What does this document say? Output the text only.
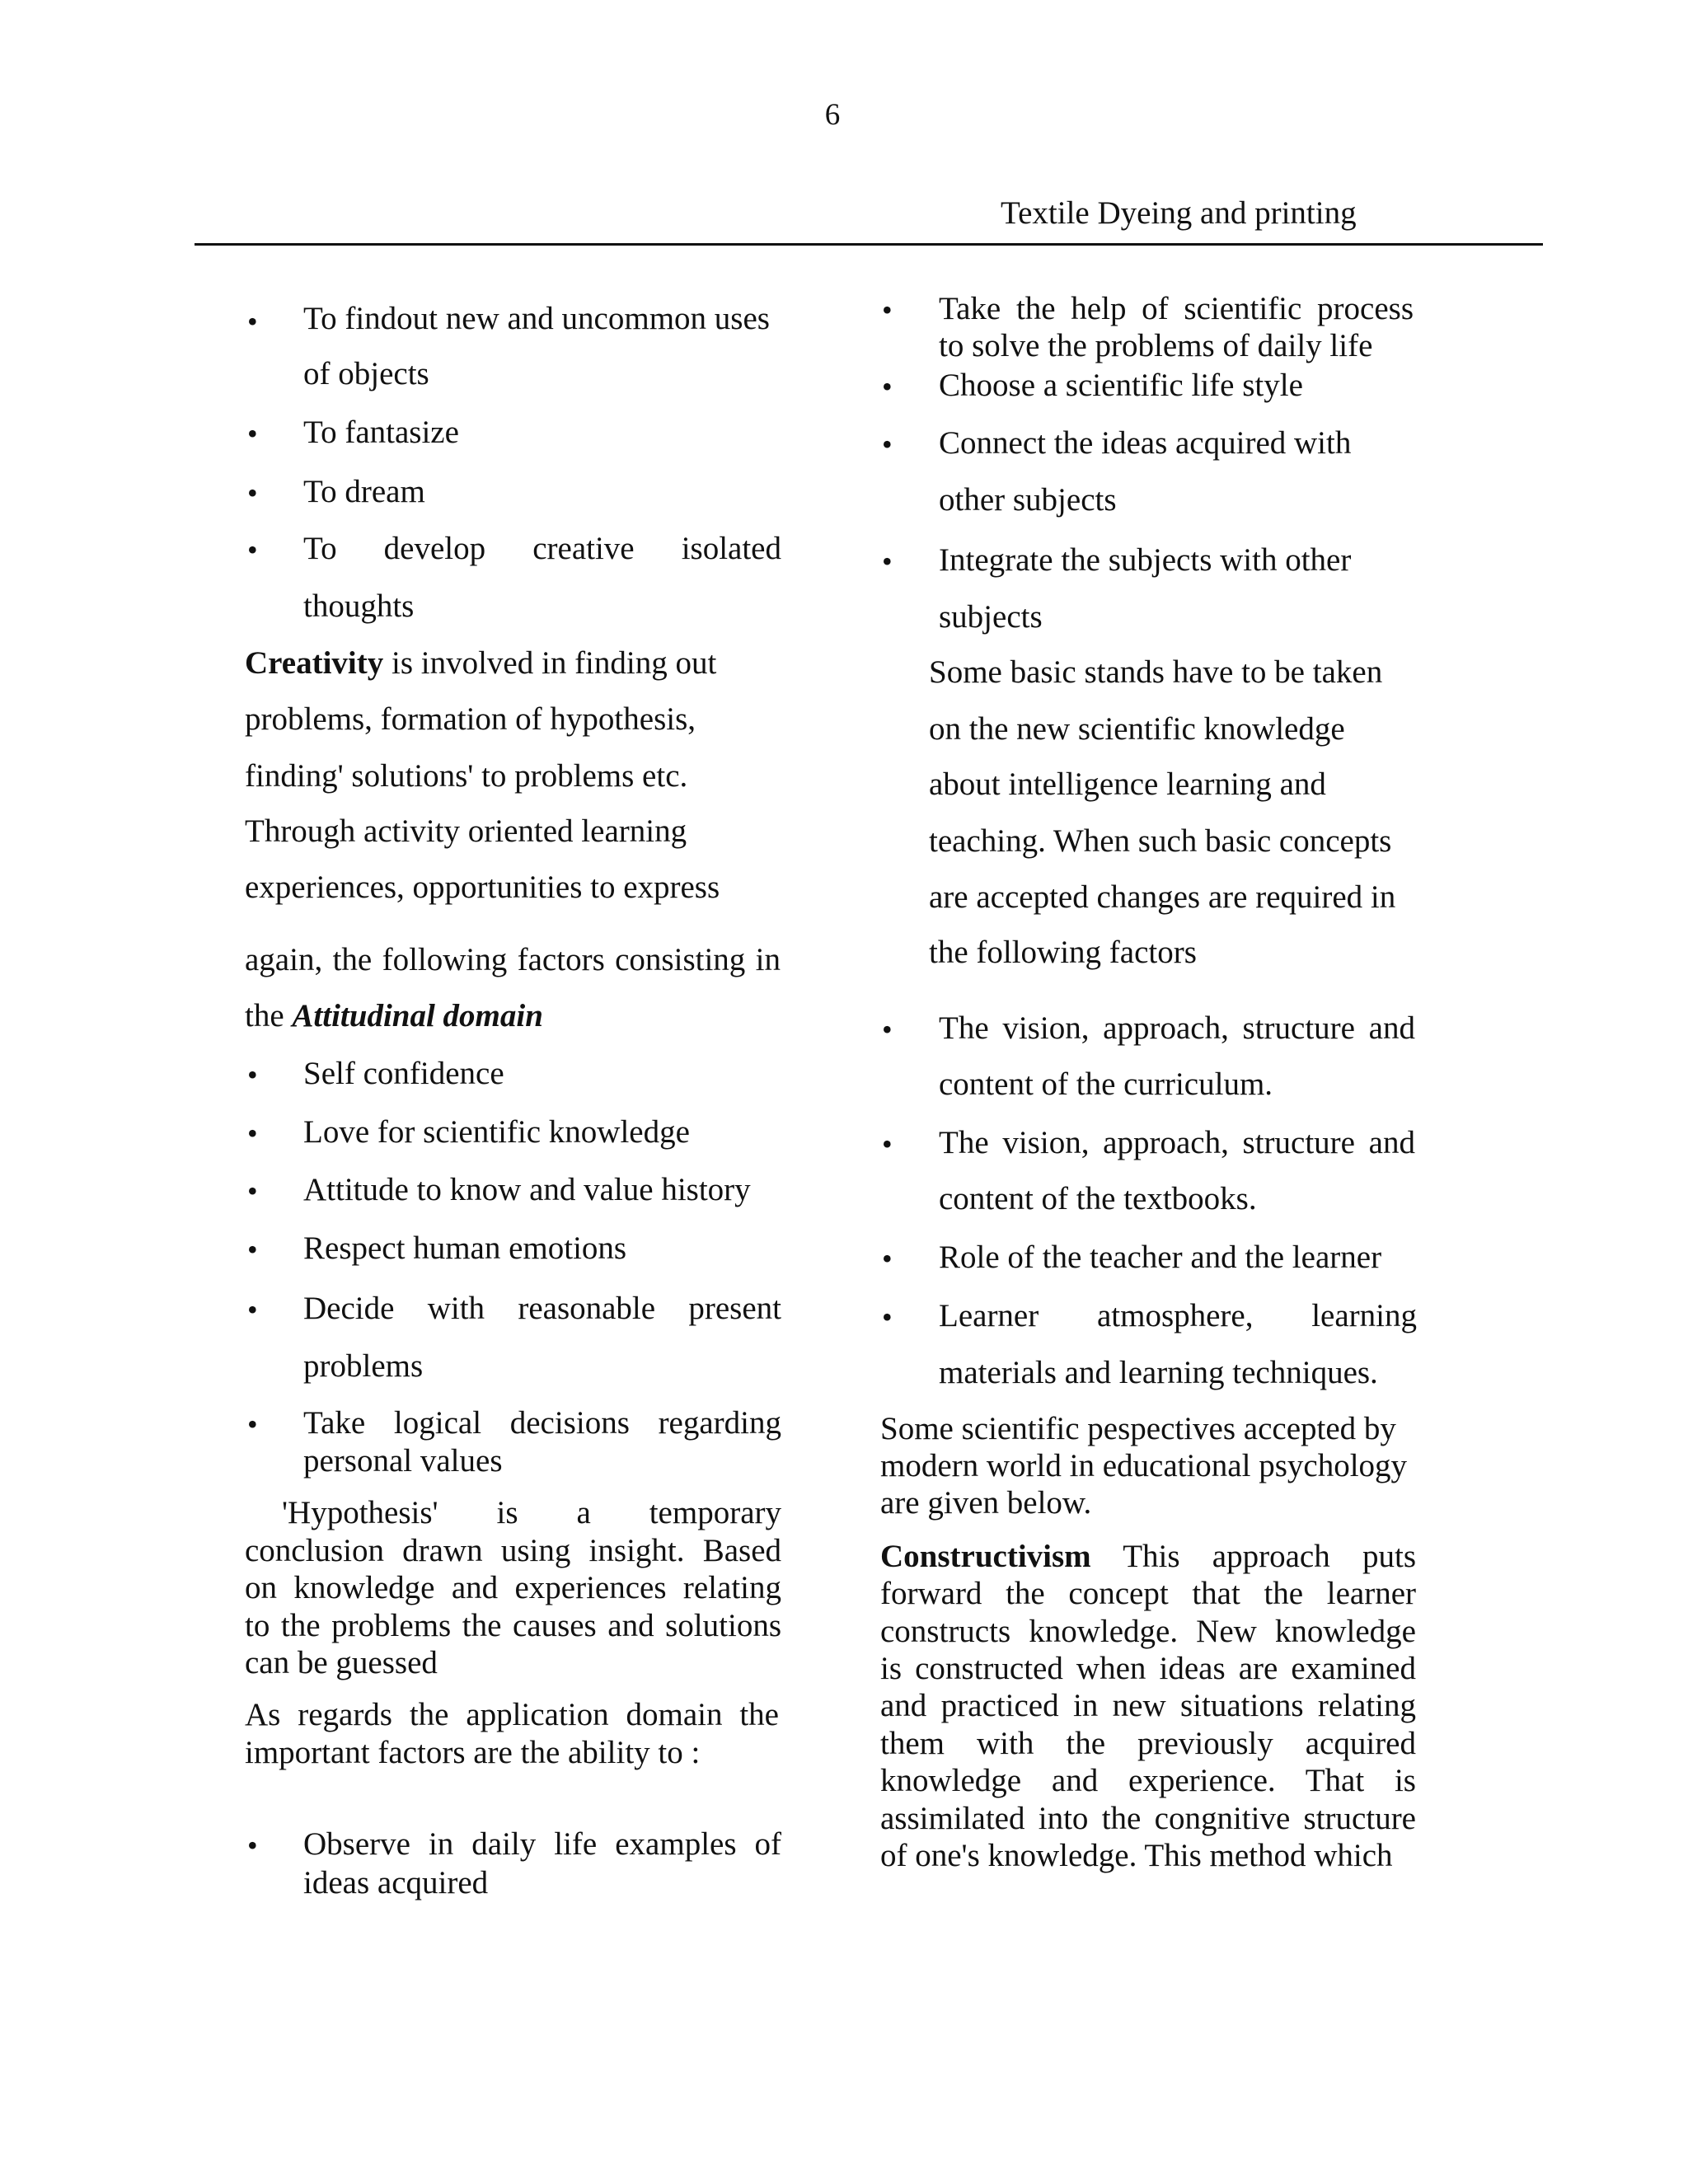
6
Textile Dyeing and printing
• To findout new and uncommon uses
of objects
• To fantasize
• To dream
• To develop creative isolated
thoughts
Creativity is involved in finding out
problems, formation of hypothesis,
finding' solutions' to problems etc.
Through activity oriented learning
experiences, opportunities to express
again, the following factors consisting in
the Attitudinal domain
• Self confidence
• Love for scientific knowledge
• Attitude to know and value history
• Respect human emotions
• Decide with reasonable present
problems
• Take logical decisions regarding
personal values
'Hypothesis' is a temporary
conclusion drawn using insight. Based
on knowledge and experiences relating
to the problems the causes and solutions
can be guessed
As regards the application domain the
important factors are the ability to :
• Observe in daily life examples of
ideas acquired
• Take the help of scientific process
to solve the problems of daily life
• Choose a scientific life style
• Connect the ideas acquired with
other subjects
• Integrate the subjects with other
subjects
Some basic stands have to be taken
on the new scientific knowledge
about intelligence learning and
teaching. When such basic concepts
are accepted changes are required in
the following factors
• The vision, approach, structure and
content of the curriculum.
• The vision, approach, structure and
content of the textbooks.
• Role of the teacher and the learner
• Learner atmosphere, learning
materials and learning techniques.
Some scientific pespectives accepted by
modern world in educational psychology
are given below.
Constructivism This approach puts
forward the concept that the learner
constructs knowledge. New knowledge
is constructed when ideas are examined
and practiced in new situations relating
them with the previously acquired
knowledge and experience. That is
assimilated into the congnitive structure
of one's knowledge. This method which
